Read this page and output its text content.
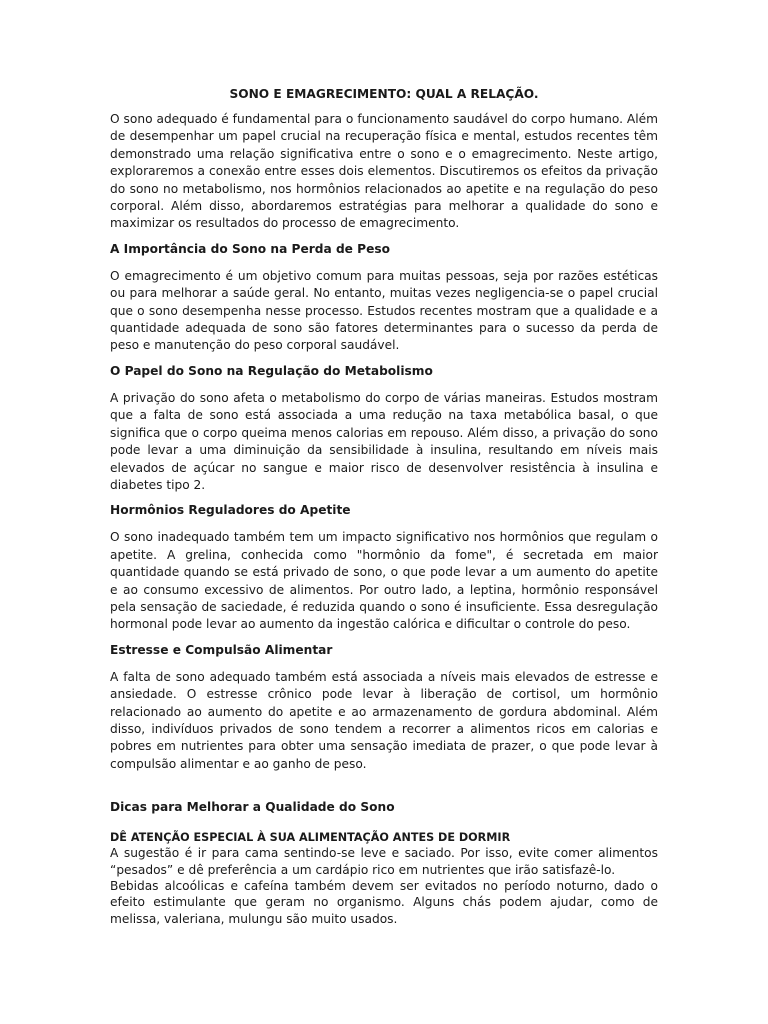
SONO E EMAGRECIMENTO: QUAL A RELAÇÃO.

O sono adequado é fundamental para o funcionamento saudável do corpo humano. Além de desempenhar um papel crucial na recuperação física e mental, estudos recentes têm demonstrado uma relação significativa entre o sono e o emagrecimento. Neste artigo, exploraremos a conexão entre esses dois elementos. Discutiremos os efeitos da privação do sono no metabolismo, nos hormônios relacionados ao apetite e na regulação do peso corporal. Além disso, abordaremos estratégias para melhorar a qualidade do sono e maximizar os resultados do processo de emagrecimento.

A Importância do Sono na Perda de Peso

O emagrecimento é um objetivo comum para muitas pessoas, seja por razões estéticas ou para melhorar a saúde geral. No entanto, muitas vezes negligencia-se o papel crucial que o sono desempenha nesse processo. Estudos recentes mostram que a qualidade e a quantidade adequada de sono são fatores determinantes para o sucesso da perda de peso e manutenção do peso corporal saudável.

O Papel do Sono na Regulação do Metabolismo

A privação do sono afeta o metabolismo do corpo de várias maneiras. Estudos mostram que a falta de sono está associada a uma redução na taxa metabólica basal, o que significa que o corpo queima menos calorias em repouso. Além disso, a privação do sono pode levar a uma diminuição da sensibilidade à insulina, resultando em níveis mais elevados de açúcar no sangue e maior risco de desenvolver resistência à insulina e diabetes tipo 2.

Hormônios Reguladores do Apetite

O sono inadequado também tem um impacto significativo nos hormônios que regulam o apetite. A grelina, conhecida como "hormônio da fome", é secretada em maior quantidade quando se está privado de sono, o que pode levar a um aumento do apetite e ao consumo excessivo de alimentos. Por outro lado, a leptina, hormônio responsável pela sensação de saciedade, é reduzida quando o sono é insuficiente. Essa desregulação hormonal pode levar ao aumento da ingestão calórica e dificultar o controle do peso.

Estresse e Compulsão Alimentar

A falta de sono adequado também está associada a níveis mais elevados de estresse e ansiedade. O estresse crônico pode levar à liberação de cortisol, um hormônio relacionado ao aumento do apetite e ao armazenamento de gordura abdominal. Além disso, indivíduos privados de sono tendem a recorrer a alimentos ricos em calorias e pobres em nutrientes para obter uma sensação imediata de prazer, o que pode levar à compulsão alimentar e ao ganho de peso.

Dicas para Melhorar a Qualidade do Sono
DÊ ATENÇÃO ESPECIAL À SUA ALIMENTAÇÃO ANTES DE DORMIR

A sugestão é ir para cama sentindo-se leve e saciado. Por isso, evite comer alimentos “pesados” e dê preferência a um cardápio rico em nutrientes que irão satisfazê-lo.

Bebidas alcoólicas e cafeína também devem ser evitados no período noturno, dado o efeito estimulante que geram no organismo. Alguns chás podem ajudar, como de melissa, valeriana, mulungu são muito usados.
